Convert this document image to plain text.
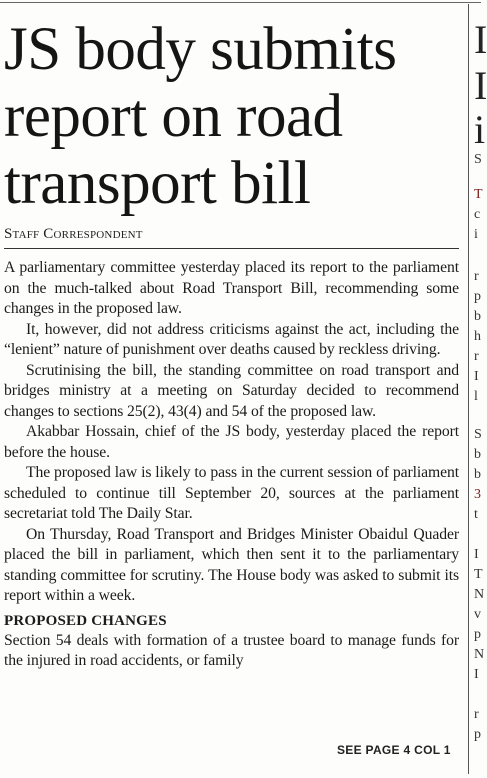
JS body submits report on road transport bill
Staff Correspondent

A parliamentary committee yesterday placed its report to the parliament on the much-talked about Road Transport Bill, recommending some changes in the proposed law.

It, however, did not address criticisms against the act, including the “lenient” nature of punishment over deaths caused by reckless driving.

Scrutinising the bill, the standing committee on road transport and bridges ministry at a meeting on Saturday decided to recommend changes to sections 25(2), 43(4) and 54 of the proposed law.

Akabbar Hossain, chief of the JS body, yesterday placed the report before the house.

The proposed law is likely to pass in the current session of parliament scheduled to continue till September 20, sources at the parliament secretariat told The Daily Star.

On Thursday, Road Transport and Bridges Minister Obaidul Quader placed the bill in parliament, which then sent it to the parliamentary standing committee for scrutiny. The House body was asked to submit its report within a week.

PROPOSED CHANGES

Section 54 deals with formation of a trustee board to manage funds for the injured in road accidents, or family

SEE PAGE 4 COL 1
I
I
i
S
T
c
i
r
p
b
h
r
I
l
S
b
b
3
t
I
T
N
v
p
N
I
r
p
